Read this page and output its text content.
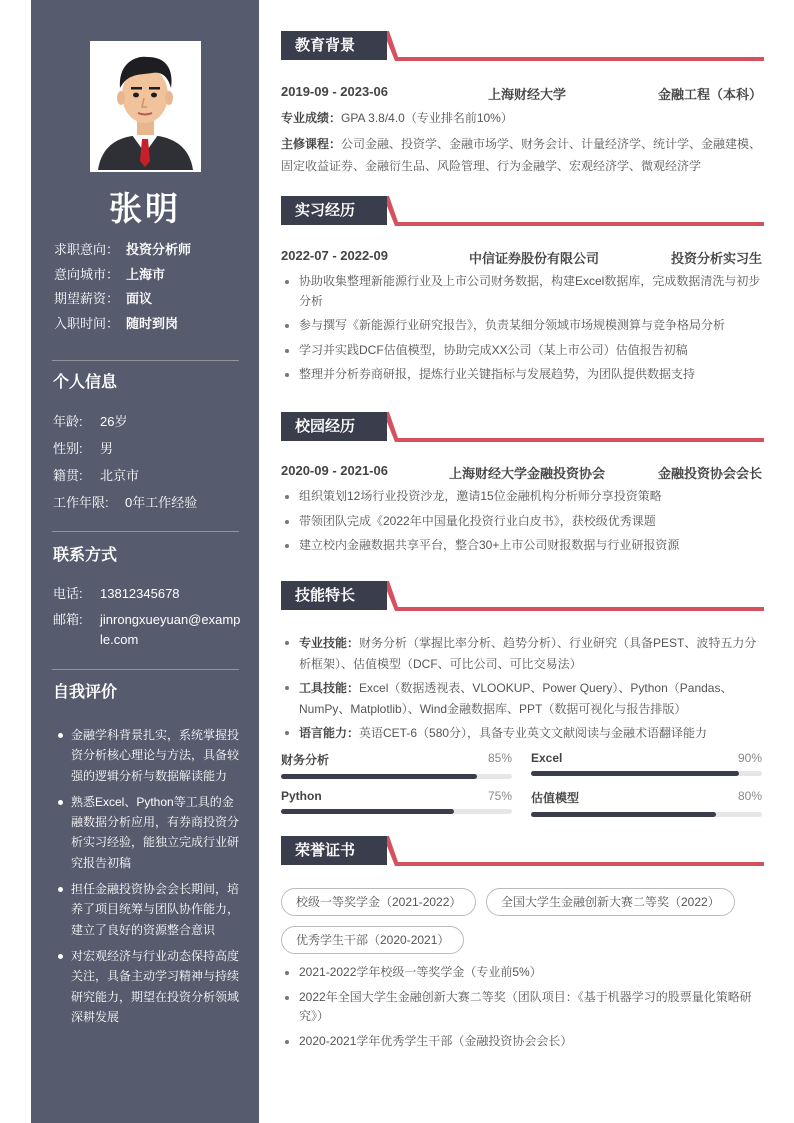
张明
求职意向： 投资分析师
意向城市： 上海市
期望薪资： 面议
入职时间： 随时到岗
个人信息
年龄:	26岁
性别:	男
籍贯:	北京市
工作年限:	0年工作经验
联系方式
电话:	13812345678
邮箱:	jinrongxueyuan@example.com
自我评价
金融学科背景扎实，系统掌握投资分析核心理论与方法，具备较强的逻辑分析与数据解读能力
熟悉Excel、Python等工具的金融数据分析应用，有券商投资分析实习经验，能独立完成行业研究报告初稿
担任金融投资协会会长期间，培养了项目统筹与团队协作能力，建立了良好的资源整合意识
对宏观经济与行业动态保持高度关注，具备主动学习精神与持续研究能力，期望在投资分析领域深耕发展
教育背景
2019-09 - 2023-06	上海财经大学	金融工程（本科）
专业成绩：GPA 3.8/4.0（专业排名前10%）
主修课程：公司金融、投资学、金融市场学、财务会计、计量经济学、统计学、金融建模、固定收益证券、金融衍生品、风险管理、行为金融学、宏观经济学、微观经济学
实习经历
2022-07 - 2022-09	中信证券股份有限公司	投资分析实习生
协助收集整理新能源行业及上市公司财务数据，构建Excel数据库，完成数据清洗与初步分析
参与撰写《新能源行业研究报告》，负责某细分领域市场规模测算与竞争格局分析
学习并实践DCF估值模型，协助完成XX公司（某上市公司）估值报告初稿
整理并分析券商研报，提炼行业关键指标与发展趋势，为团队提供数据支持
校园经历
2020-09 - 2021-06	上海财经大学金融投资协会	金融投资协会会长
组织策划12场行业投资沙龙，邀请15位金融机构分析师分享投资策略
带领团队完成《2022年中国量化投资行业白皮书》，获校级优秀课题
建立校内金融数据共享平台，整合30+上市公司财报数据与行业研报资源
技能特长
专业技能：财务分析（掌握比率分析、趋势分析）、行业研究（具备PEST、波特五力分析框架）、估值模型（DCF、可比公司、可比交易法）
工具技能：Excel（数据透视表、VLOOKUP、Power Query）、Python（Pandas、NumPy、Matplotlib）、Wind金融数据库、PPT（数据可视化与报告排版）
语言能力：英语CET-6（580分），具备专业英文文献阅读与金融术语翻译能力
财务分析	85% Excel	90%
Python	75% 估值模型	80%
荣誉证书
校级一等奖学金（2021-2022）	全国大学生金融创新大赛二等奖（2022）
优秀学生干部（2020-2021）
2021-2022学年校级一等奖学金（专业前5%）
2022年全国大学生金融创新大赛二等奖（团队项目：《基于机器学习的股票量化策略研究》）
2020-2021学年优秀学生干部（金融投资协会会长）
